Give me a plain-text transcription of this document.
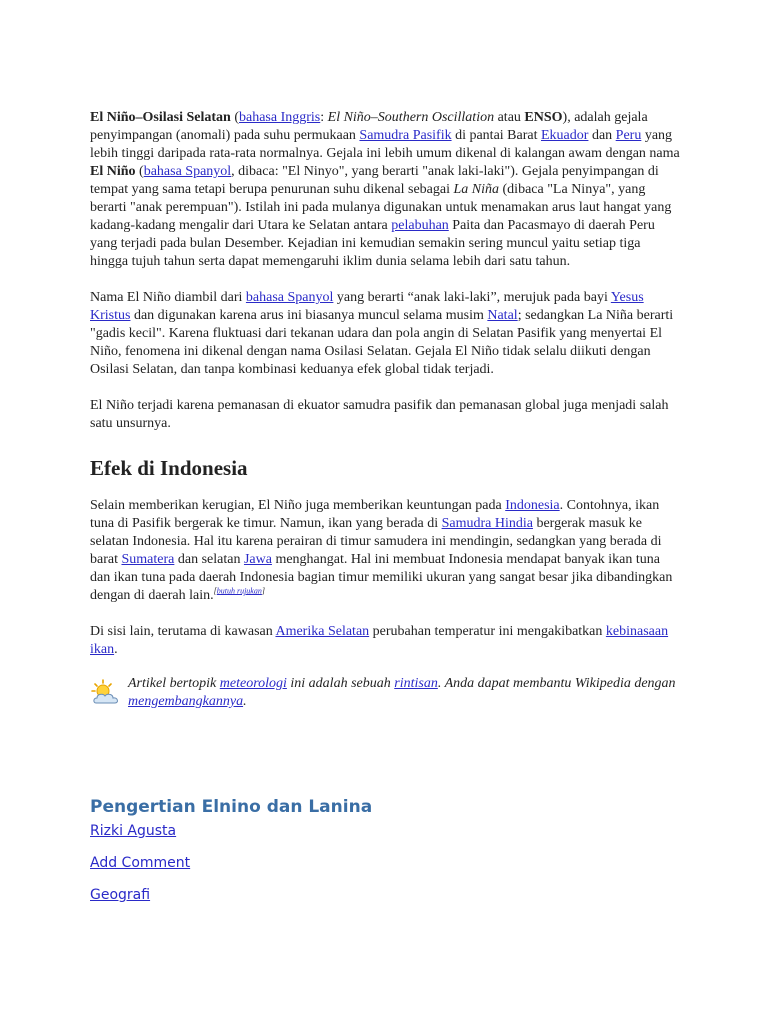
El Niño–Osilasi Selatan (bahasa Inggris: El Niño–Southern Oscillation atau ENSO), adalah gejala penyimpangan (anomali) pada suhu permukaan Samudra Pasifik di pantai Barat Ekuador dan Peru yang lebih tinggi daripada rata-rata normalnya. Gejala ini lebih umum dikenal di kalangan awam dengan nama El Niño (bahasa Spanyol, dibaca: "El Ninyo", yang berarti "anak laki-laki"). Gejala penyimpangan di tempat yang sama tetapi berupa penurunan suhu dikenal sebagai La Niña (dibaca "La Ninya", yang berarti "anak perempuan"). Istilah ini pada mulanya digunakan untuk menamakan arus laut hangat yang kadang-kadang mengalir dari Utara ke Selatan antara pelabuhan Paita dan Pacasmayo di daerah Peru yang terjadi pada bulan Desember. Kejadian ini kemudian semakin sering muncul yaitu setiap tiga hingga tujuh tahun serta dapat memengaruhi iklim dunia selama lebih dari satu tahun.

Nama El Niño diambil dari bahasa Spanyol yang berarti “anak laki-laki”, merujuk pada bayi Yesus Kristus dan digunakan karena arus ini biasanya muncul selama musim Natal; sedangkan La Niña berarti "gadis kecil". Karena fluktuasi dari tekanan udara dan pola angin di Selatan Pasifik yang menyertai El Niño, fenomena ini dikenal dengan nama Osilasi Selatan. Gejala El Niño tidak selalu diikuti dengan Osilasi Selatan, dan tanpa kombinasi keduanya efek global tidak terjadi.

El Niño terjadi karena pemanasan di ekuator samudra pasifik dan pemanasan global juga menjadi salah satu unsurnya.

Efek di Indonesia

Selain memberikan kerugian, El Niño juga memberikan keuntungan pada Indonesia. Contohnya, ikan tuna di Pasifik bergerak ke timur. Namun, ikan yang berada di Samudra Hindia bergerak masuk ke selatan Indonesia. Hal itu karena perairan di timur samudera ini mendingin, sedangkan yang berada di barat Sumatera dan selatan Jawa menghangat. Hal ini membuat Indonesia mendapat banyak ikan tuna dan ikan tuna pada daerah Indonesia bagian timur memiliki ukuran yang sangat besar jika dibandingkan dengan di daerah lain.[butuh rujukan]

Di sisi lain, terutama di kawasan Amerika Selatan perubahan temperatur ini mengakibatkan kebinasaan ikan.

Artikel bertopik meteorologi ini adalah sebuah rintisan. Anda dapat membantu Wikipedia dengan mengembangkannya.
Pengertian Elnino dan Lanina
Rizki Agusta
Add Comment
Geografi
